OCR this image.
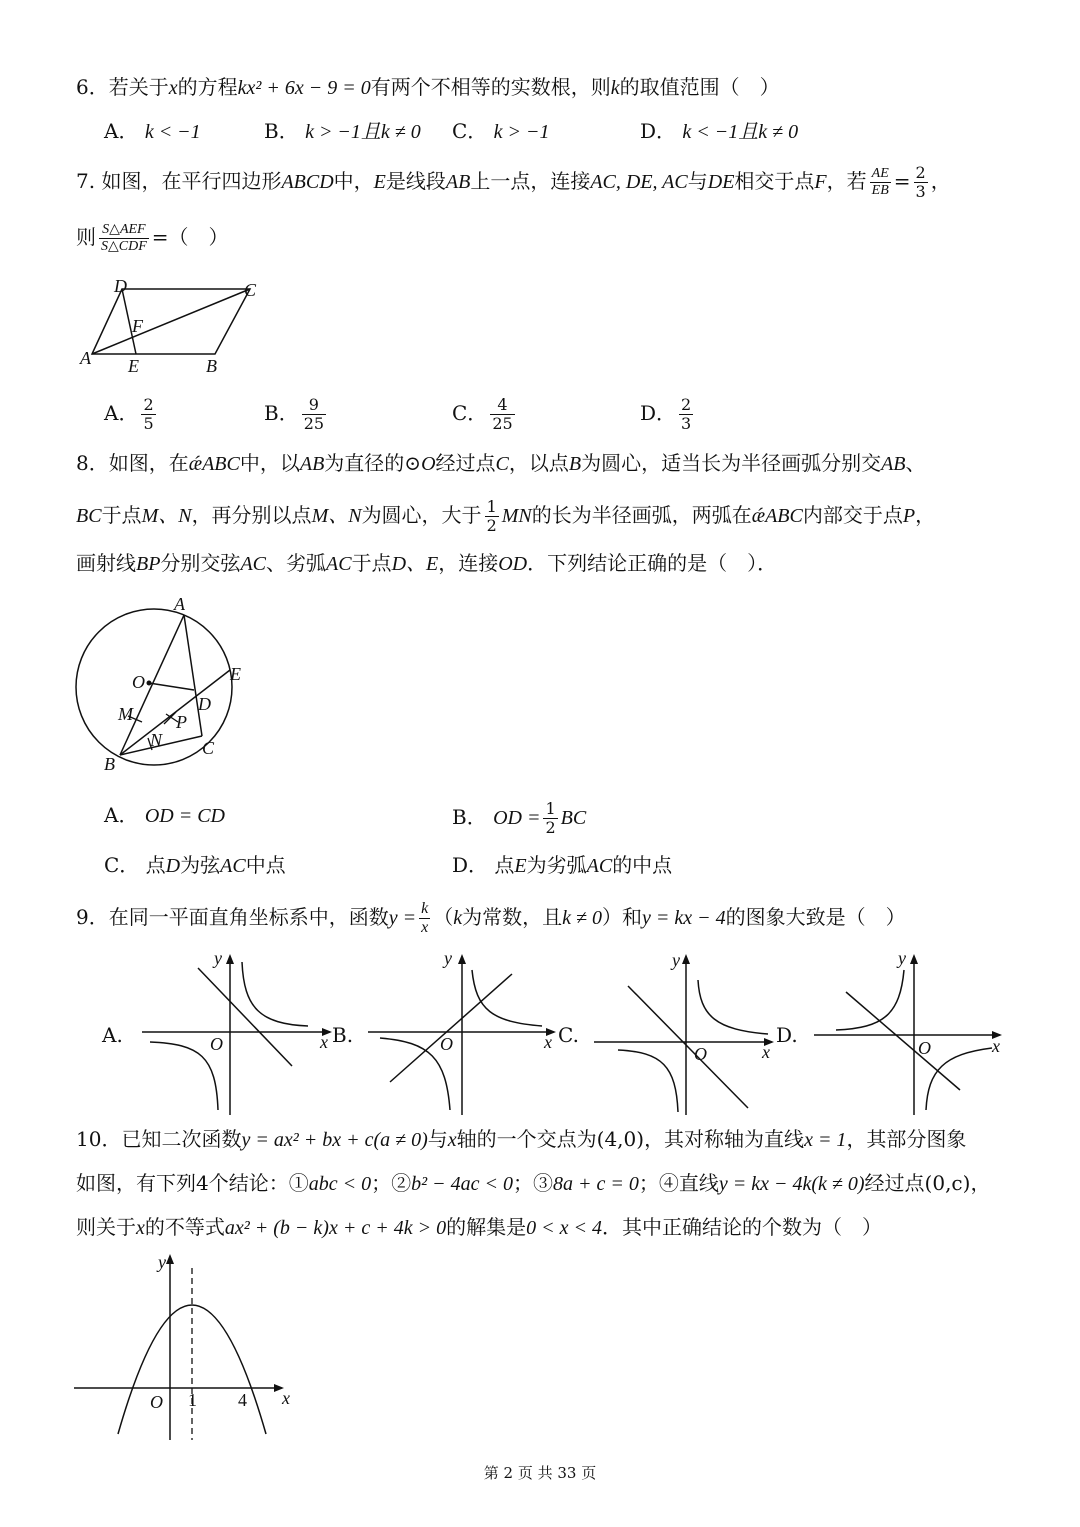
6．若关于x的方程kx² + 6x − 9 = 0有两个不相等的实数根，则k的取值范围（　）
A． k < −1	B． k > −1且k ≠ 0 C． k > −1	D． k < −1且k ≠ 0
7. 如图，在平行四边形ABCD中，E是线段AB上一点，连接AC, DE, AC与DE相交于点F，若 $\frac{AE}{EB} = \frac{2}{3}$ ，
则 S△AEF
S△CDF =（　）
A	B
C
D
E
F
A． $\frac{2}{5}$	B． $\frac{9}{25}$	C． $\frac{4}{25}$	D． $\frac{2}{3}$
8．如图，在ǽABC中，以AB为直径的⊙O经过点C，以点B为圆心，适当长为半径画弧分别交AB、
BC于点M、N，再分别以点M、N为圆心，大于 $\frac{1}{2}$ MN的长为半径画弧，两弧在ǽABC内部交于点P，
画射线BP分别交弦AC、劣弧AC于点D、E，连接OD．下列结论正确的是（　）．
A
B
C
D
E
O
M
N
P
A． OD = CD	B． OD = $\frac{1}{2}$ BC
C． 点D为弦AC中点	D． 点E为劣弧AC的中点
9．在同一平面直角坐标系中，函数$y = \frac{k}{x} (k$为常数，且k ≠ 0）和y = kx − 4的图象大致是（　）
A.	B.	C.	D.
y
x
O
y
x
O
y
x
O
y
x
O
10．已知二次函数y = ax² + bx + c(a ≠ 0)与x轴的一个交点为(4,0)，其对称轴为直线x = 1，其部分图象
如图，有下列4个结论：①abc < 0；②b² − 4ac < 0；③8a + c = 0；④直线y = kx − 4k(k ≠ 0)经过点(0,c)，
则关于x的不等式ax² + (b − k)x + c + 4k > 0的解集是0 < x < 4．其中正确结论的个数为（　）
y
x
O 1 4
第 2 页 共 33 页
